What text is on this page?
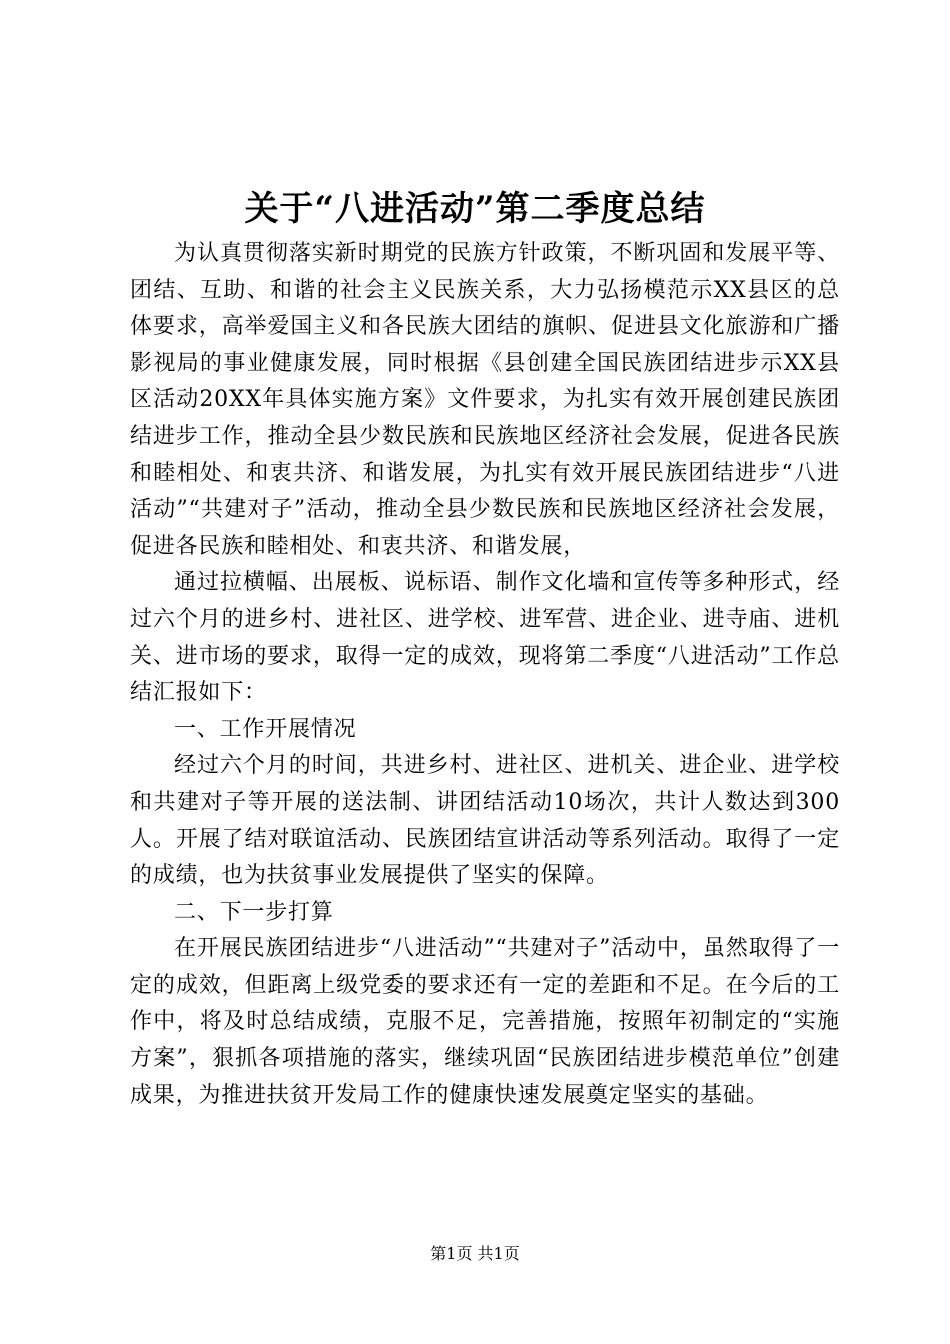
关于“八进活动”第二季度总结

为认真贯彻落实新时期党的民族方针政策，不断巩固和发展平等、团结、互助、和谐的社会主义民族关系，大力弘扬模范示XX县区的总体要求，高举爱国主义和各民族大团结的旗帜、促进县文化旅游和广播影视局的事业健康发展，同时根据《县创建全国民族团结进步示XX县区活动20XX年具体实施方案》文件要求，为扎实有效开展创建民族团结进步工作，推动全县少数民族和民族地区经济社会发展，促进各民族和睦相处、和衷共济、和谐发展，为扎实有效开展民族团结进步“八进活动”“共建对子”活动，推动全县少数民族和民族地区经济社会发展，促进各民族和睦相处、和衷共济、和谐发展，

通过拉横幅、出展板、说标语、制作文化墙和宣传等多种形式，经过六个月的进乡村、进社区、进学校、进军营、进企业、进寺庙、进机关、进市场的要求，取得一定的成效，现将第二季度“八进活动”工作总结汇报如下：

一、工作开展情况

经过六个月的时间，共进乡村、进社区、进机关、进企业、进学校和共建对子等开展的送法制、讲团结活动10场次，共计人数达到300人。开展了结对联谊活动、民族团结宣讲活动等系列活动。取得了一定的成绩，也为扶贫事业发展提供了坚实的保障。

二、下一步打算

在开展民族团结进步“八进活动”“共建对子”活动中，虽然取得了一定的成效，但距离上级党委的要求还有一定的差距和不足。在今后的工作中，将及时总结成绩，克服不足，完善措施，按照年初制定的“实施方案”，狠抓各项措施的落实，继续巩固“民族团结进步模范单位”创建成果，为推进扶贫开发局工作的健康快速发展奠定坚实的基础。

第1页 共1页
